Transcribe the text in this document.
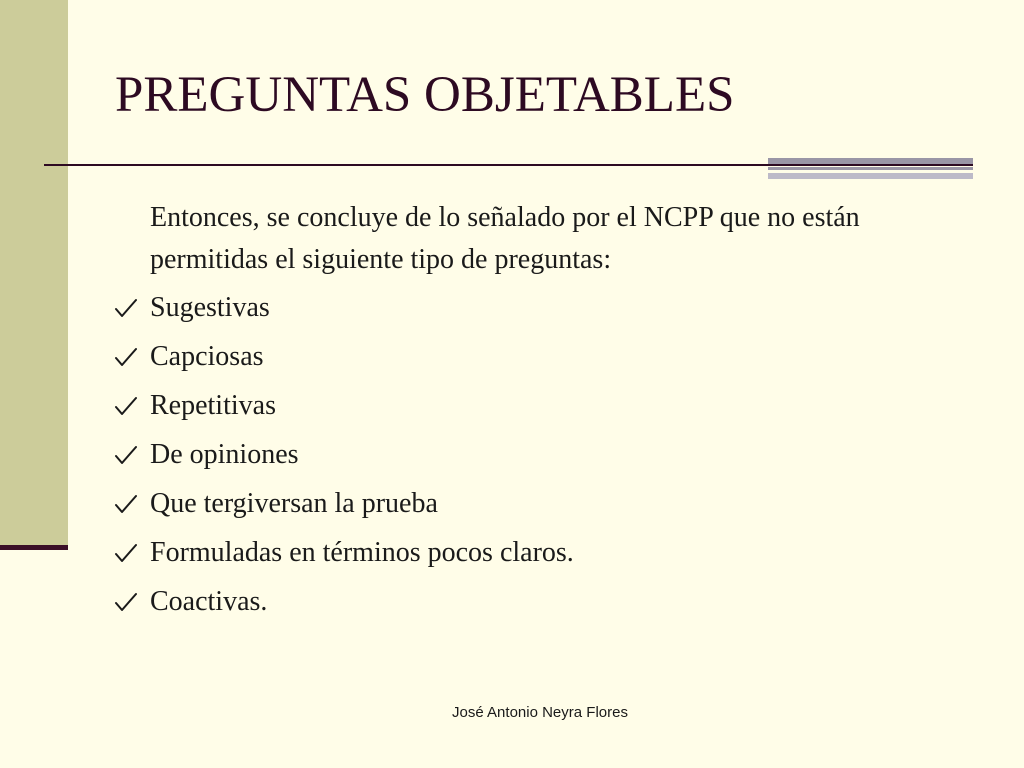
PREGUNTAS OBJETABLES

Entonces, se concluye de lo señalado por el NCPP que no están permitidas el siguiente tipo de preguntas:

Sugestivas
Capciosas
Repetitivas
De opiniones
Que tergiversan la prueba
Formuladas en términos pocos claros.
Coactivas.
José Antonio Neyra Flores
